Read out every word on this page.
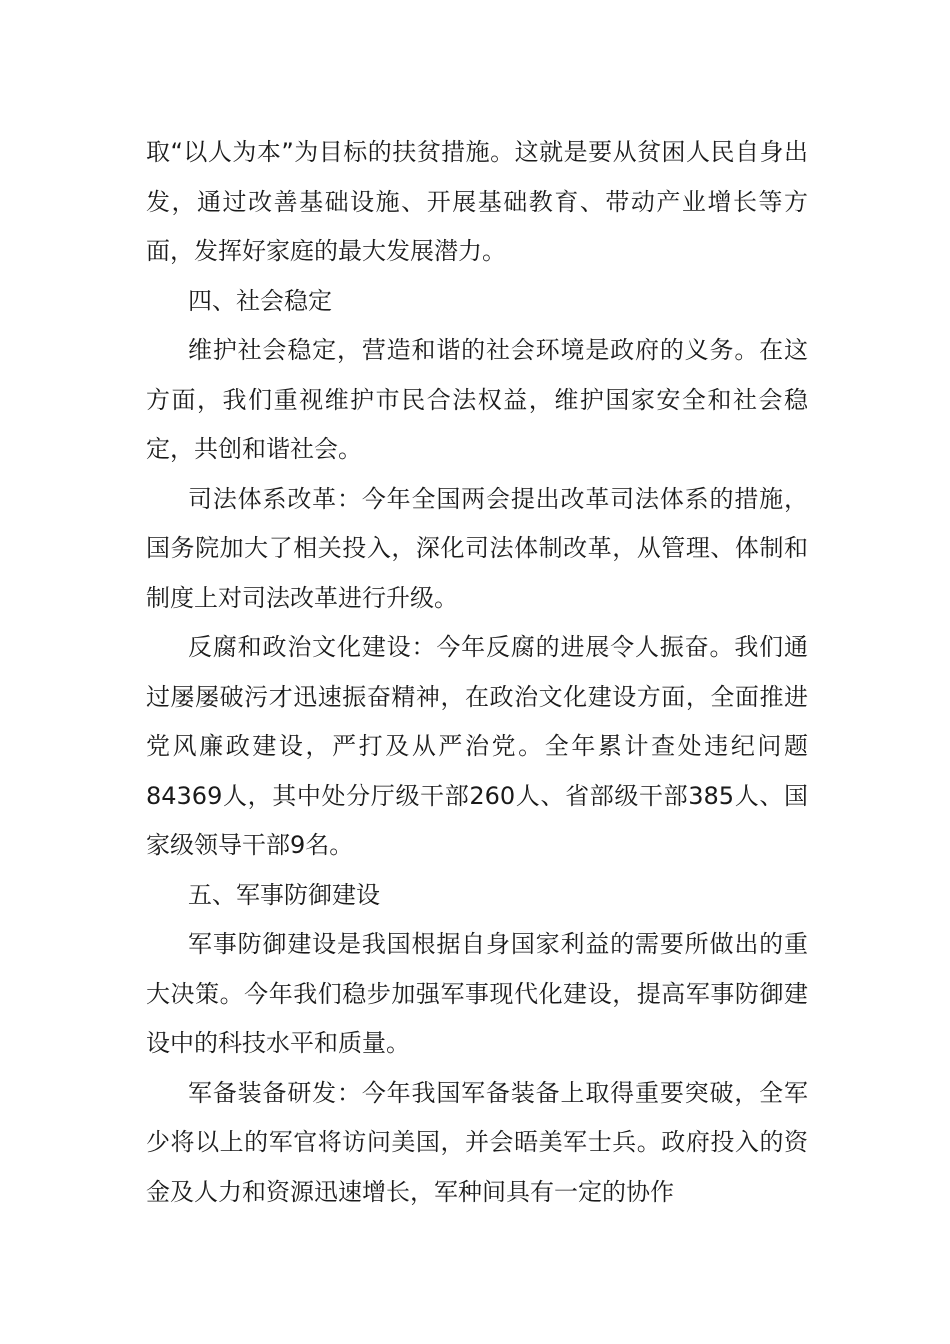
取“以人为本”为目标的扶贫措施。这就是要从贫困人民自身出发，通过改善基础设施、开展基础教育、带动产业增长等方面，发挥好家庭的最大发展潜力。

四、社会稳定

维护社会稳定，营造和谐的社会环境是政府的义务。在这方面，我们重视维护市民合法权益，维护国家安全和社会稳定，共创和谐社会。

司法体系改革：今年全国两会提出改革司法体系的措施，国务院加大了相关投入，深化司法体制改革，从管理、体制和制度上对司法改革进行升级。

反腐和政治文化建设：今年反腐的进展令人振奋。我们通过屡屡破污才迅速振奋精神，在政治文化建设方面，全面推进党风廉政建设，严打及从严治党。全年累计查处违纪问题84369人，其中处分厅级干部260人、省部级干部385人、国家级领导干部9名。

五、军事防御建设

军事防御建设是我国根据自身国家利益的需要所做出的重大决策。今年我们稳步加强军事现代化建设，提高军事防御建设中的科技水平和质量。

军备装备研发：今年我国军备装备上取得重要突破，全军少将以上的军官将访问美国，并会晤美军士兵。政府投入的资金及人力和资源迅速增长，军种间具有一定的协作
